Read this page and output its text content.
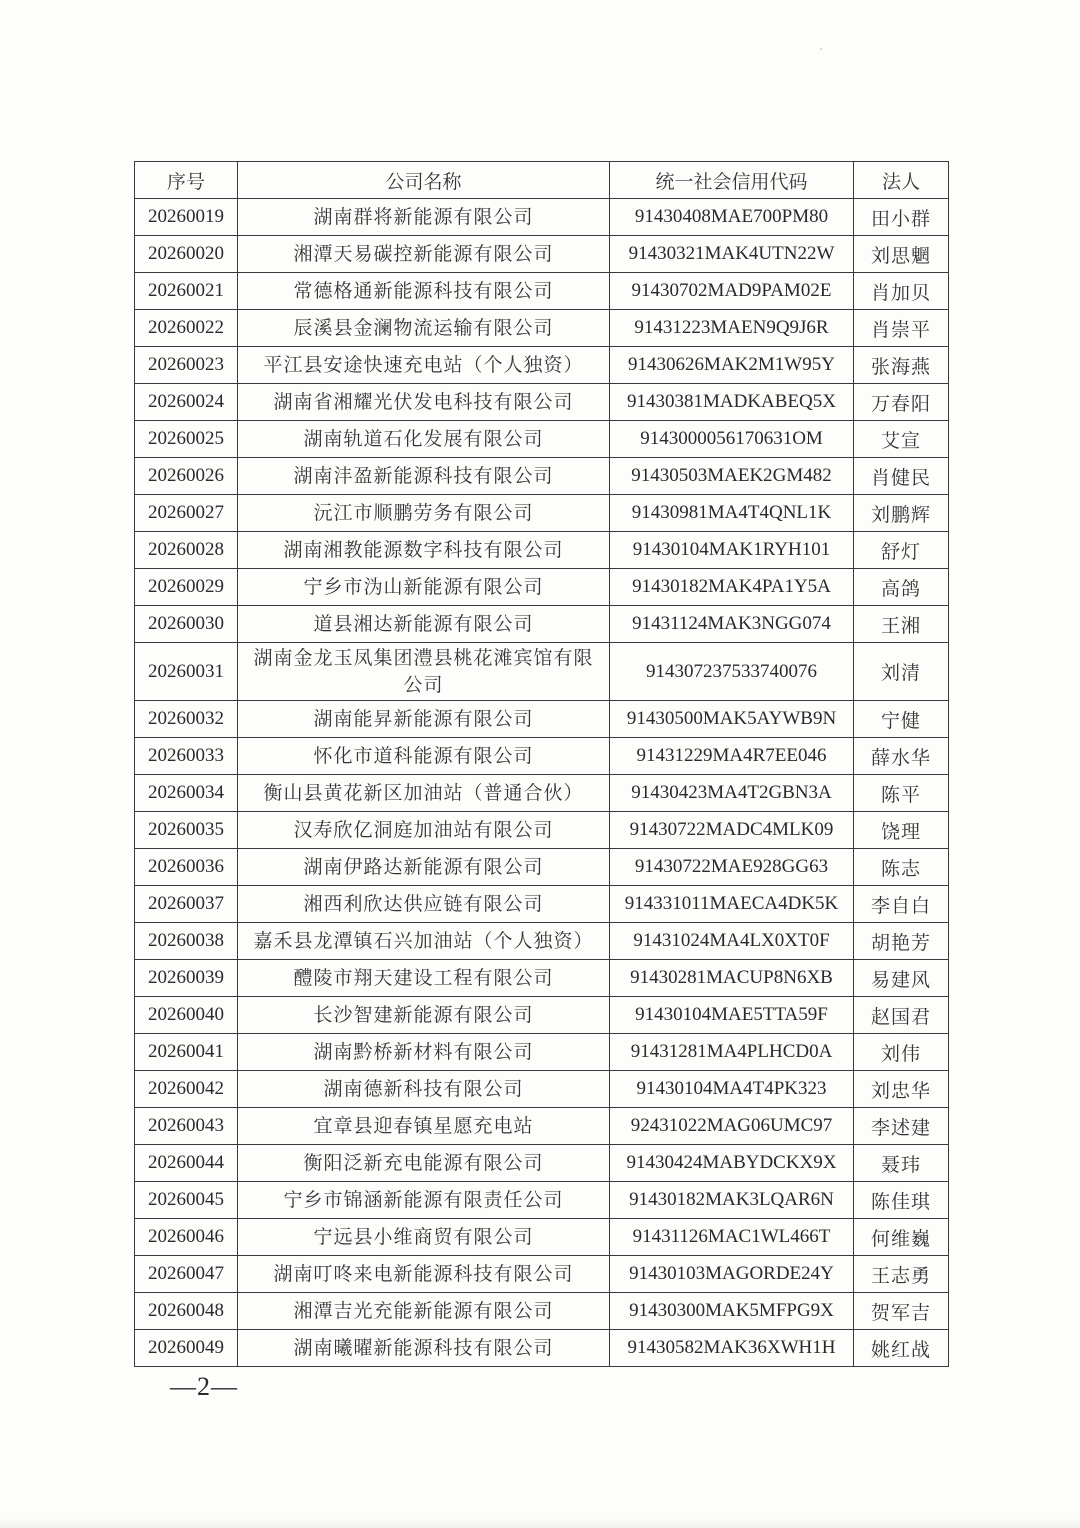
序号	公司名称	统一社会信用代码	法人
20260019	湖南群将新能源有限公司	91430408MAE700PM80	田小群
20260020	湘潭天易碳控新能源有限公司	91430321MAK4UTN22W	刘思魍
20260021	常德格通新能源科技有限公司	91430702MAD9PAM02E	肖加贝
20260022	辰溪县金澜物流运输有限公司	91431223MAEN9Q9J6R	肖崇平
20260023	平江县安途快速充电站（个人独资）	91430626MAK2M1W95Y	张海燕
20260024	湖南省湘耀光伏发电科技有限公司	91430381MADKABEQ5X	万春阳
20260025	湖南轨道石化发展有限公司	9143000056170631OM	艾宣
20260026	湖南沣盈新能源科技有限公司	91430503MAEK2GM482	肖健民
20260027	沅江市顺鹏劳务有限公司	91430981MA4T4QNL1K	刘鹏辉
20260028	湖南湘教能源数字科技有限公司	91430104MAK1RYH101	舒灯
20260029	宁乡市沩山新能源有限公司	91430182MAK4PA1Y5A	高鸽
20260030	道县湘达新能源有限公司	91431124MAK3NGG074	王湘
20260031	湖南金龙玉凤集团澧县桃花滩宾馆有限公司	914307237533740076	刘清
20260032	湖南能昇新能源有限公司	91430500MAK5AYWB9N	宁健
20260033	怀化市道科能源有限公司	91431229MA4R7EE046	薛水华
20260034	衡山县黄花新区加油站（普通合伙）	91430423MA4T2GBN3A	陈平
20260035	汉寿欣亿洞庭加油站有限公司	91430722MADC4MLK09	饶理
20260036	湖南伊路达新能源有限公司	91430722MAE928GG63	陈志
20260037	湘西利欣达供应链有限公司	914331011MAECA4DK5K	李自白
20260038	嘉禾县龙潭镇石兴加油站（个人独资）	91431024MA4LX0XT0F	胡艳芳
20260039	醴陵市翔天建设工程有限公司	91430281MACUP8N6XB	易建风
20260040	长沙智建新能源有限公司	91430104MAE5TTA59F	赵国君
20260041	湖南黔桥新材料有限公司	91431281MA4PLHCD0A	刘伟
20260042	湖南德新科技有限公司	91430104MA4T4PK323	刘忠华
20260043	宜章县迎春镇星愿充电站	92431022MAG06UMC97	李述建
20260044	衡阳泛新充电能源有限公司	91430424MABYDCKX9X	聂玮
20260045	宁乡市锦涵新能源有限责任公司	91430182MAK3LQAR6N	陈佳琪
20260046	宁远县小维商贸有限公司	91431126MAC1WL466T	何维巍
20260047	湖南叮咚来电新能源科技有限公司	91430103MAGORDE24Y	王志勇
20260048	湘潭吉光充能新能源有限公司	91430300MAK5MFPG9X	贺军吉
20260049	湖南曦曜新能源科技有限公司	91430582MAK36XWH1H	姚红战
—2—
